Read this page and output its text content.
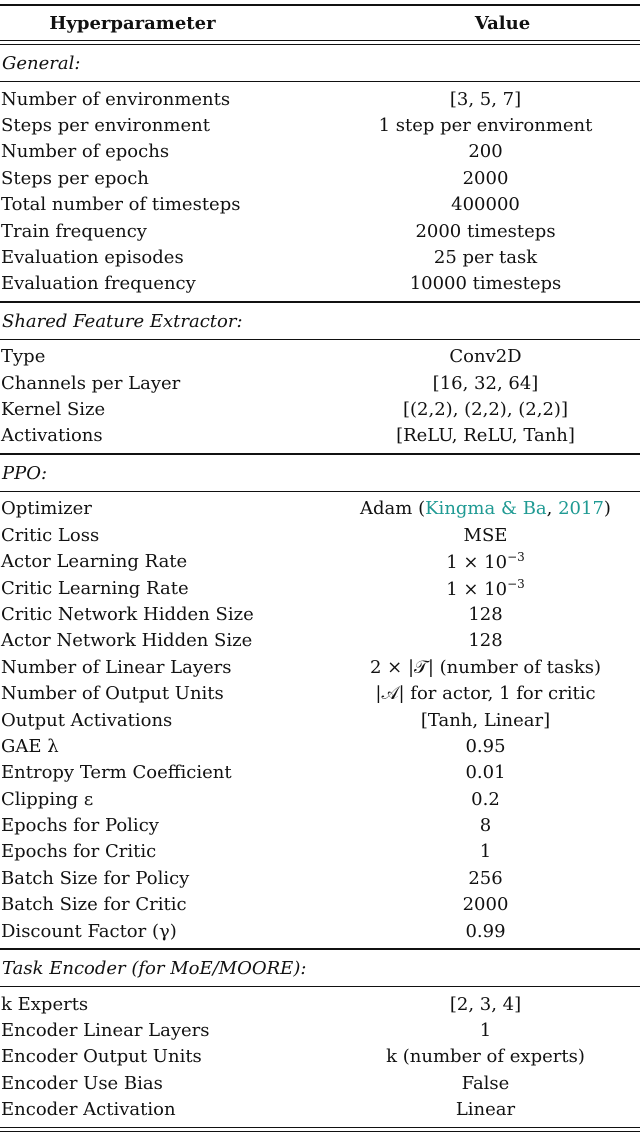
Hyperparameter	Value
General:
Number of environments	[3, 5, 7]
Steps per environment	1 step per environment
Number of epochs	200
Steps per epoch	2000
Total number of timesteps	400000
Train frequency	2000 timesteps
Evaluation episodes	25 per task
Evaluation frequency	10000 timesteps
Shared Feature Extractor:
Type	Conv2D
Channels per Layer	[16, 32, 64]
Kernel Size	[(2,2), (2,2), (2,2)]
Activations	[ReLU, ReLU, Tanh]
PPO:
Optimizer	Adam (Kingma & Ba, 2017)
Critic Loss	MSE
Actor Learning Rate	$1 \times 10^{-3}$
Critic Learning Rate	$1 \times 10^{-3}$
Critic Network Hidden Size	128
Actor Network Hidden Size	128
Number of Linear Layers	2 × |𝒯| (number of tasks)
Number of Output Units	|𝒜| for actor, 1 for critic
Output Activations	[Tanh, Linear]
GAE λ	0.95
Entropy Term Coefficient	0.01
Clipping ε	0.2
Epochs for Policy	8
Epochs for Critic	1
Batch Size for Policy	256
Batch Size for Critic	2000
Discount Factor (γ)	0.99
Task Encoder (for MoE/MOORE):
k Experts	[2, 3, 4]
Encoder Linear Layers	1
Encoder Output Units	k (number of experts)
Encoder Use Bias	False
Encoder Activation	Linear
